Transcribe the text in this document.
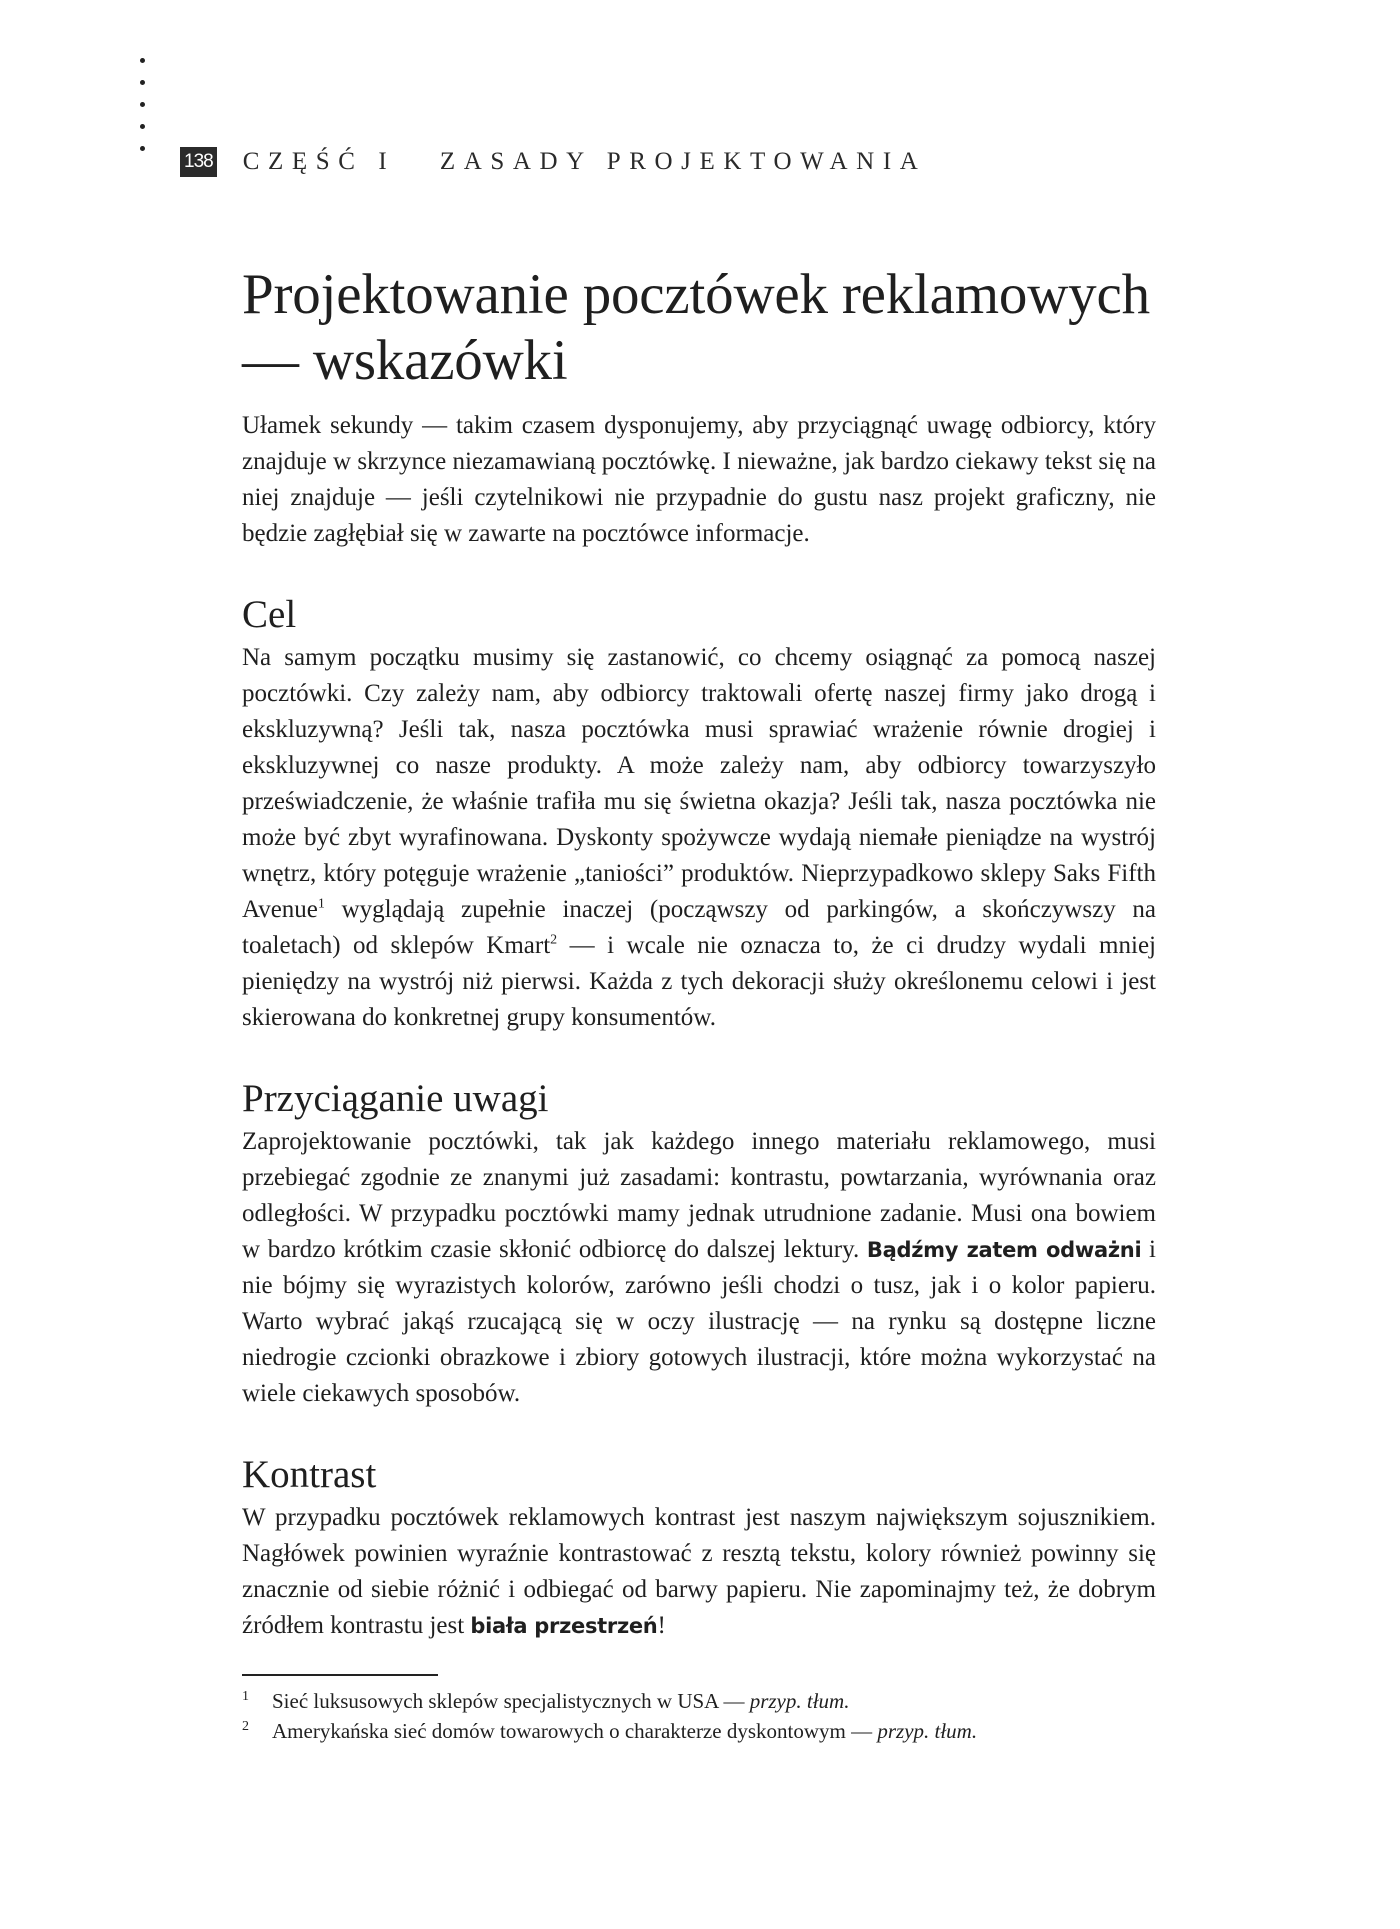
138 CZĘŚĆ I   ZASADY PROJEKTOWANIA
Projektowanie pocztówek reklamowych — wskazówki

Ułamek sekundy — takim czasem dysponujemy, aby przyciągnąć uwagę odbiorcy, który znajduje w skrzynce niezamawianą pocztówkę. I nieważne, jak bardzo ciekawy tekst się na niej znajduje — jeśli czytelnikowi nie przypadnie do gustu nasz projekt graficzny, nie będzie zagłębiał się w zawarte na pocztówce informacje.

Cel

Na samym początku musimy się zastanowić, co chcemy osiągnąć za pomocą naszej pocztówki. Czy zależy nam, aby odbiorcy traktowali ofertę naszej firmy jako drogą i ekskluzywną? Jeśli tak, nasza pocztówka musi sprawiać wrażenie równie drogiej i ekskluzywnej co nasze produkty. A może zależy nam, aby odbiorcy towarzyszyło przeświadczenie, że właśnie trafiła mu się świetna okazja? Jeśli tak, nasza pocztówka nie może być zbyt wyrafinowana. Dyskonty spożywcze wydają niemałe pieniądze na wystrój wnętrz, który potęguje wrażenie „taniości” produktów. Nieprzypadkowo sklepy Saks Fifth Avenue$^1$ wyglądają zupełnie inaczej (począwszy od parkingów, a skończywszy na toaletach) od sklepów Kmart$^2$ — i wcale nie oznacza to, że ci drudzy wydali mniej pieniędzy na wystrój niż pierwsi. Każda z tych dekoracji służy określonemu celowi i jest skierowana do konkretnej grupy konsumentów.

Przyciąganie uwagi

Zaprojektowanie pocztówki, tak jak każdego innego materiału reklamowego, musi przebiegać zgodnie ze znanymi już zasadami: kontrastu, powtarzania, wyrównania oraz odległości. W przypadku pocztówki mamy jednak utrudnione zadanie. Musi ona bowiem w bardzo krótkim czasie skłonić odbiorcę do dalszej lektury. Bądźmy zatem odważni i nie bójmy się wyrazistych kolorów, zarówno jeśli chodzi o tusz, jak i o kolor papieru. Warto wybrać jakąś rzucającą się w oczy ilustrację — na rynku są dostępne liczne niedrogie czcionki obrazkowe i zbiory gotowych ilustracji, które można wykorzystać na wiele ciekawych sposobów.

Kontrast

W przypadku pocztówek reklamowych kontrast jest naszym największym sojusznikiem. Nagłówek powinien wyraźnie kontrastować z resztą tekstu, kolory również powinny się znacznie od siebie różnić i odbiegać od barwy papieru. Nie zapominajmy też, że dobrym źródłem kontrastu jest biała przestrzeń!

1	Sieć luksusowych sklepów specjalistycznych w USA — przyp. tłum.
2	Amerykańska sieć domów towarowych o charakterze dyskontowym — przyp. tłum.
